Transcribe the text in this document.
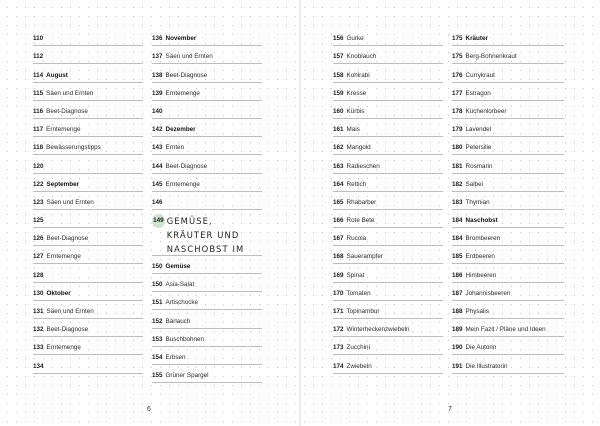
110
112
114 August
115 Säen und Ernten
116 Beet-Diagnose
117 Erntemenge
118 Bewässerungstipps
120
122 September
123 Säen und Ernten
125
126 Beet-Diagnose
127 Erntemenge
128
130 Oktober
131 Säen und Ernten
132 Beet-Diagnose
133 Erntemenge
134
136 November
137 Säen und Ernten
138 Beet-Diagnose
139 Erntemenge
140
142 Dezember
143 Ernten
144 Beet-Diagnose
145 Erntemenge
146
149 GEMÜSE, KRÄUTER UND NASCHOBST IM
150 Gemüse
150 Asia-Salat
151 Artischocke
152 Bärlauch
153 Buschbohnen
154 Erbsen
155 Grüner Spargel
156 Gurke
157 Knoblauch
158 Kohlrabi
159 Kresse
160 Kürbis
161 Mais
162 Mangold
163 Radieschen
164 Rettich
165 Rhabarber
166 Rote Bete
167 Rucola
168 Sauerampfer
169 Spinat
170 Tomaten
171 Topinambur
172 Winterheckenzwiebeln
173 Zucchini
174 Zwiebeln
175 Kräuter
175 Berg-Bohnenkraut
176 Currykraut
177 Estragon
178 Küchenlorbeer
179 Lavendel
180 Petersilie
181 Rosmarin
182 Salbei
183 Thymian
184 Naschobst
184 Brombeeren
185 Erdbeeren
186 Himbeeren
187 Johannisbeeren
188 Physalis
189 Mein Fazit / Pläne und Ideen
190 Die Autorin
191 Die Illustratorin
6	7
